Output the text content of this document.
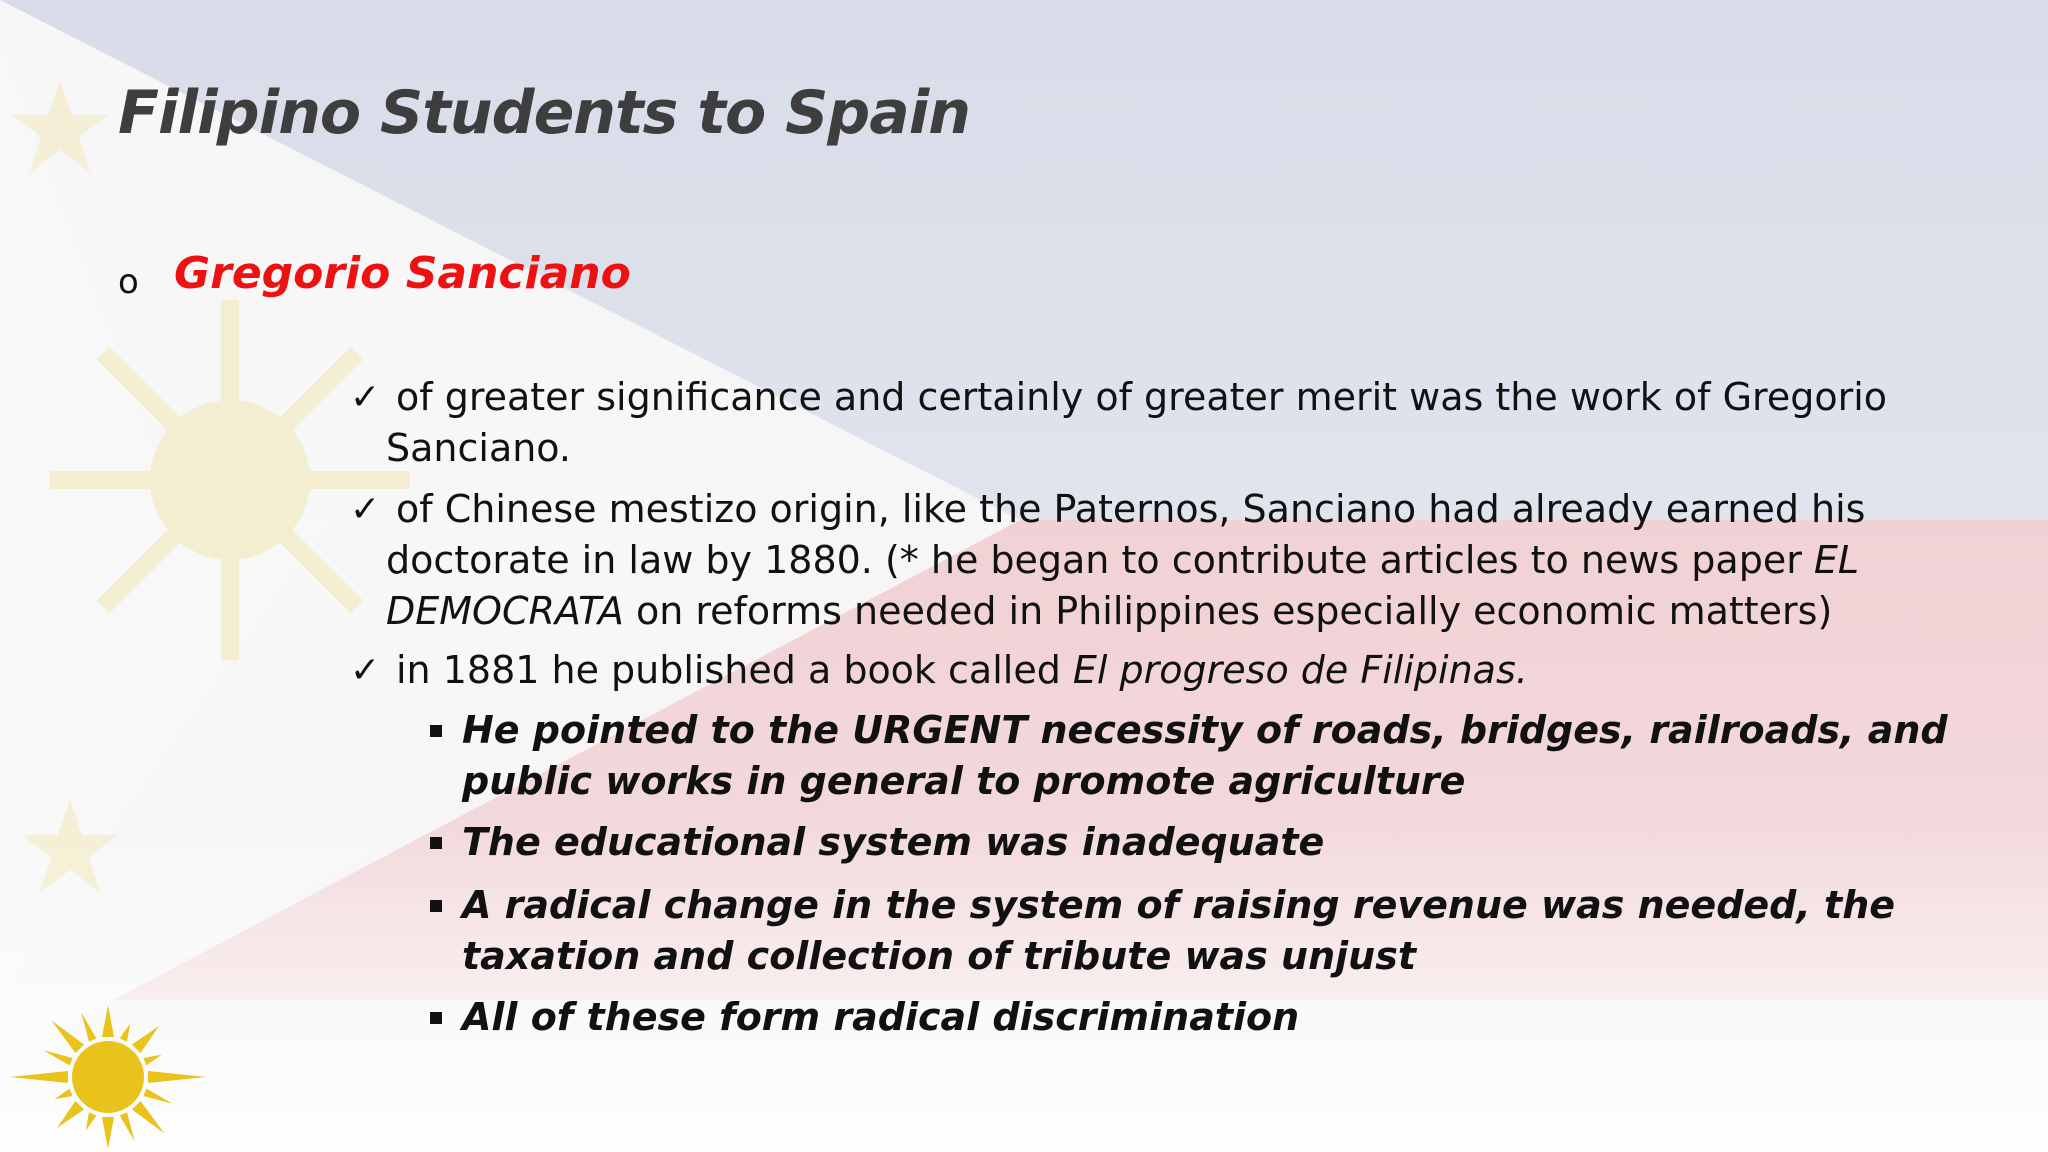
Filipino Students to Spain
o Gregorio Sanciano
✓ of greater significance and certainly of greater merit was the work of Gregorio Sanciano.
✓ of Chinese mestizo origin, like the Paternos, Sanciano had already earned his doctorate in law by 1880. (* he began to contribute articles to news paper EL DEMOCRATA on reforms needed in Philippines especially economic matters)
✓ in 1881 he published a book called El progreso de Filipinas.
He pointed to the URGENT necessity of roads, bridges, railroads, and public works in general to promote agriculture
The educational system was inadequate
A radical change in the system of raising revenue was needed, the taxation and collection of tribute was unjust
All of these form radical discrimination
